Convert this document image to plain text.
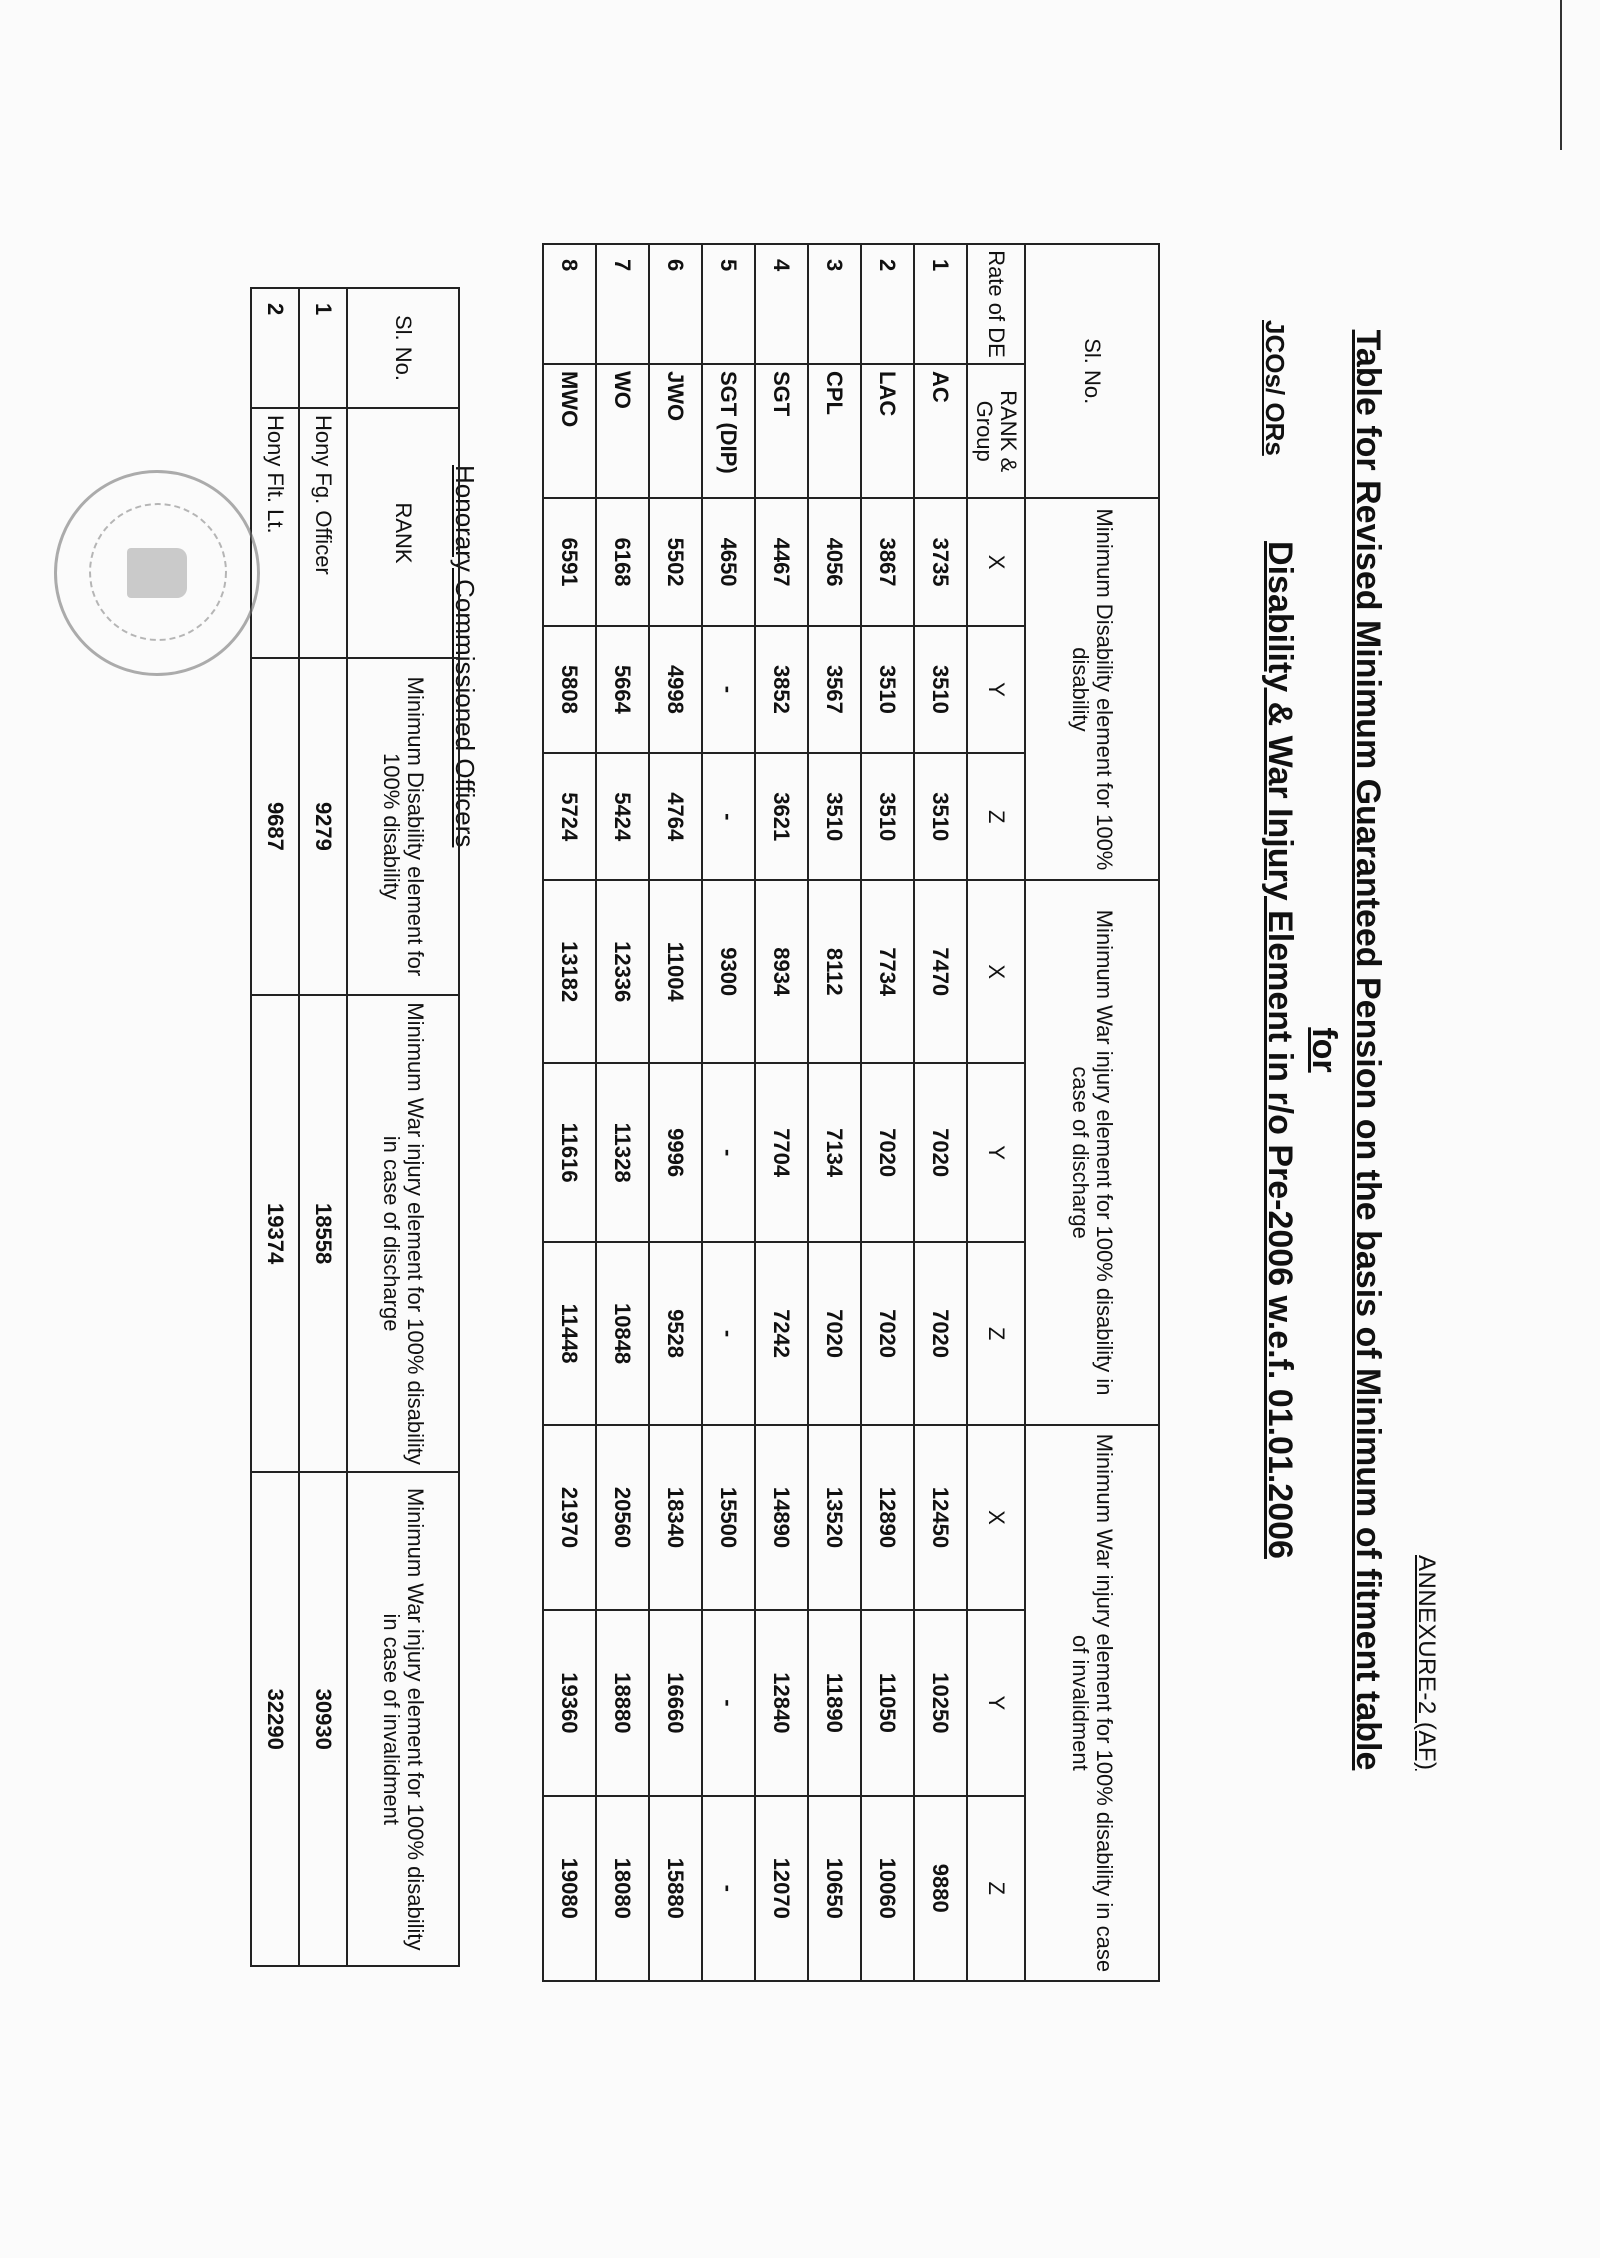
ANNEXURE-2 (AF)
Table for Revised Minimum Guaranteed Pension on the basis of Minimum of fitment table for
Disability & War Injury Element in r/o Pre-2006 w.e.f. 01.01.2006
JCOs/ ORs
Sl. No.		Minimum Disability element for 100% disability			Minimum War injury element for 100% disability in case of discharge			Minimum War injury element for 100% disability in case of invalidment		
Rate of DE	RANK & Group	X	Y	Z	X	Y	Z	X	Y	Z
1	AC	3735	3510	3510	7470	7020	7020	12450	10250	9880
2	LAC	3867	3510	3510	7734	7020	7020	12890	11050	10060
3	CPL	4056	3567	3510	8112	7134	7020	13520	11890	10650
4	SGT	4467	3852	3621	8934	7704	7242	14890	12840	12070
5	SGT (DIP)	4650	-	-	9300	-	-	15500	-	-
6	JWO	5502	4998	4764	11004	9996	9528	18340	16660	15880
7	WO	6168	5664	5424	12336	11328	10848	20560	18880	18080
8	MWO	6591	5808	5724	13182	11616	11448	21970	19360	19080
Honorary Commissioned Officers
Sl. No.	RANK	Minimum Disability element for 100% disability	Minimum War injury element for 100% disability in case of discharge	Minimum War injury element for 100% disability in case of invalidment
1	Hony Fg. Officer	9279	18558	30930
2	Hony Flt. Lt.	9687	19374	32290
